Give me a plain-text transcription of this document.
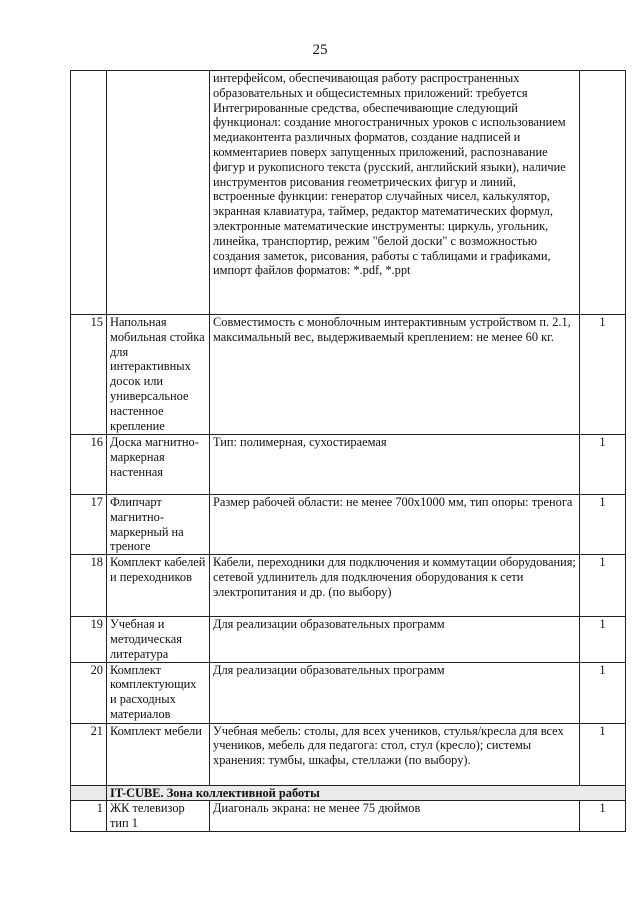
25
		интерфейсом, обеспечивающая работу распространенных образовательных и общесистемных приложений: требуется Интегрированные средства, обеспечивающие следующий функционал: создание многостраничных уроков с использованием медиаконтента различных форматов, создание надписей и комментариев поверх запущенных приложений, распознавание фигур и рукописного текста (русский, английский языки), наличие инструментов рисования геометрических фигур и линий, встроенные функции: генератор случайных чисел, калькулятор, экранная клавиатура, таймер, редактор математических формул, электронные математические инструменты: циркуль, угольник, линейка, транспортир, режим "белой доски" с возможностью создания заметок, рисования, работы с таблицами и графиками, импорт файлов форматов: *.pdf, *.ppt	
15	Напольная мобильная стойка для интерактивных досок или универсальное настенное крепление	Совместимость с моноблочным интерактивным устройством п. 2.1, максимальный вес, выдерживаемый креплением: не менее 60 кг.	1
16	Доска магнитно-маркерная настенная	Тип: полимерная, сухостираемая	1
17	Флипчарт магнитно-маркерный на треноге	Размер рабочей области: не менее 700x1000 мм, тип опоры: тренога	1
18	Комплект кабелей и переходников	Кабели, переходники для подключения и коммутации оборудования; сетевой удлинитель для подключения оборудования к сети электропитания и др. (по выбору)	1
19	Учебная и методическая литература	Для реализации образовательных программ	1
20	Комплект комплектующих и расходных материалов	Для реализации образовательных программ	1
21	Комплект мебели	Учебная мебель: столы, для всех учеников, стулья/кресла для всех учеников, мебель для педагога: стол, стул (кресло); системы хранения: тумбы, шкафы, стеллажи (по выбору).	1
	IT-CUBE. Зона коллективной работы		
1	ЖК телевизор тип 1	Диагональ экрана: не менее 75 дюймов	1
